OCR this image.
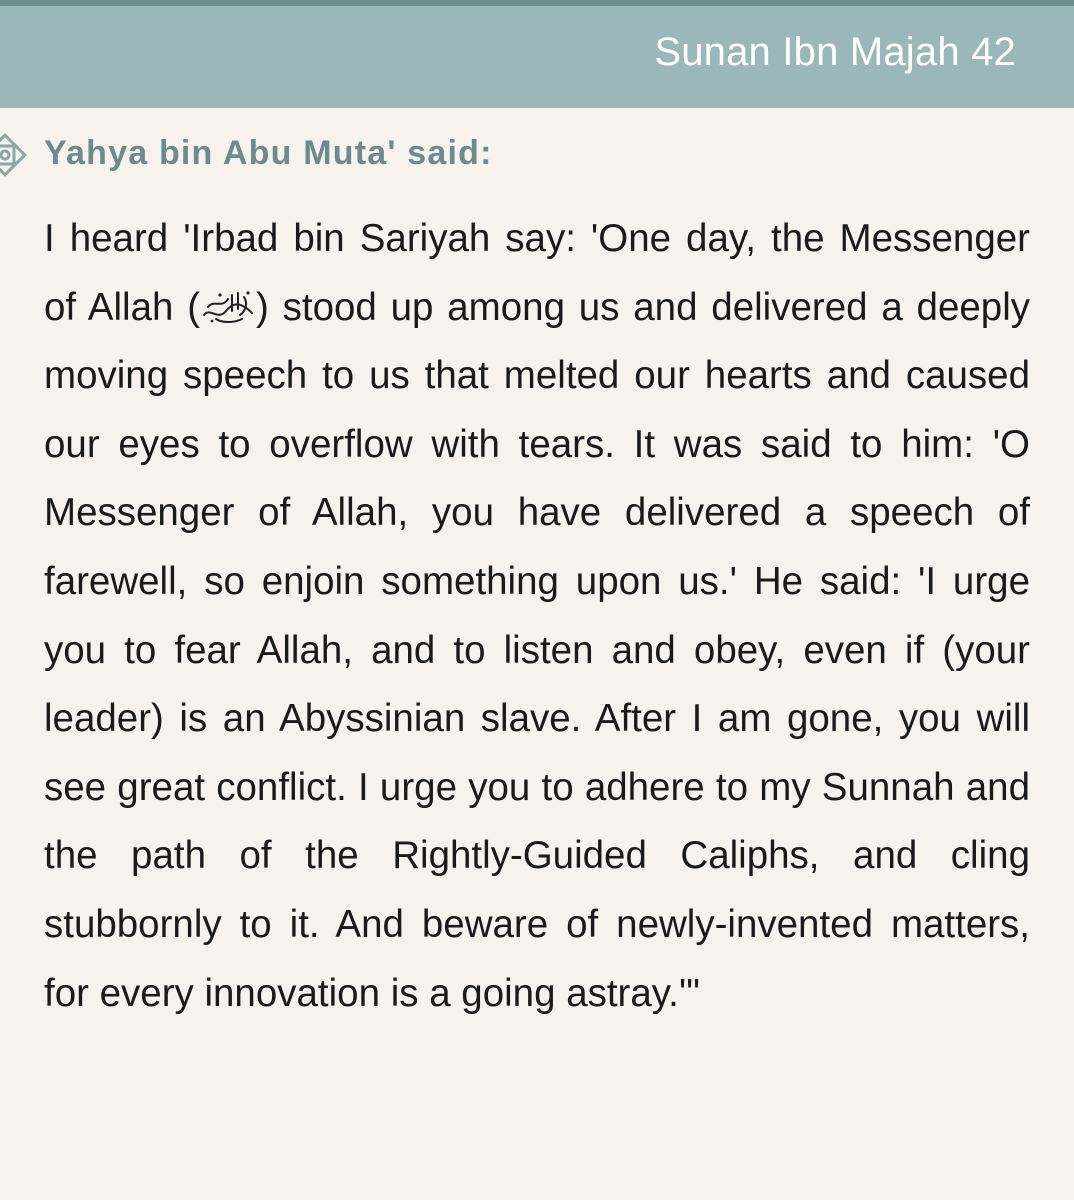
Sunan Ibn Majah 42
Yahya bin Abu Muta' said:

I heard 'Irbad bin Sariyah say: 'One day, the Messenger of Allah ( ) stood up among us and delivered a deeply moving speech to us that melted our hearts and caused our eyes to overflow with tears. It was said to him: 'O Messenger of Allah, you have delivered a speech of farewell, so enjoin something upon us.' He said: 'I urge you to fear Allah, and to listen and obey, even if (your leader) is an Abyssinian slave. After I am gone, you will see great conflict. I urge you to adhere to my Sunnah and the path of the Rightly-Guided Caliphs, and cling stubbornly to it. And beware of newly-invented matters, for every innovation is a going astray.'"
